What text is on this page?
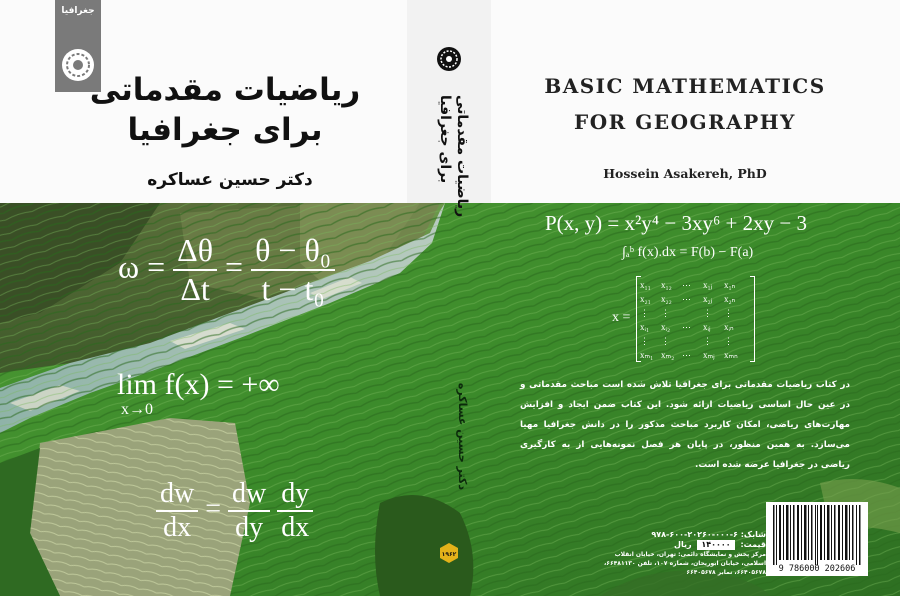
جغرافیا
ریاضیات مقدماتی
برای جغرافیا
دکتر حسین عساکره	ریاضیات مقدماتی
برای جغرافیا
دکتر حسین عساکره
۱۹۶۲
BASIC MATHEMATICS
FOR GEOGRAPHY
Hossein Asakereh, PhD
$\omega = \frac{\Delta\theta}{\Delta t} = \frac{\text{θ − θ₀}}{\text{t − t₀}}$
lim
x→0
f(x) = +∞
$\frac{dw}{dx} = \frac{dw}{dy}$
$\frac{dy}{dx}$
P(x, y) = x²y⁴ − 3xy⁶ + 2xy − 3
∫ₐᵇ f(x).dx = F(b) − F(a)
x =
x₁₁ x₁₂ ⋯ x₁ⱼ x₁ₙ
x₂₁ x₂₂ ⋯ x₂ⱼ x₂ₙ
⋮ ⋮	⋮ ⋮
xᵢ₁ xᵢ₂ ⋯ xᵢⱼ xᵢₙ
⋮ ⋮	⋮ ⋮
xₘ₁ xₘ₂ ⋯ xₘⱼ xₘₙ
در کتاب ریاضیات مقدماتی برای جغرافیا تلاش شده است مباحث مقدماتی و در عین حال اساسی ریاضیات ارائه شود. این کتاب ضمن ایجاد و افزایش مهارت‌های ریاضی، امکان کاربرد مباحث مذکور را در دانش جغرافیا مهیا می‌سازد. به همین منظور، در پایان هر فصل نمونه‌هایی از به کارگیری ریاضی در جغرافیا عرضه شده است.
شابک: ۶-۰۰۰-۲۰۲۶۰-۶۰۰-۹۷۸
قیمت: ۱۴۰۰۰۰ ریال
مرکز پخش و نمایشگاه دائمی: تهران، خیابان انقلاب اسلامی، خیابان ابوریحان، شماره ۱۰۷، تلفن ۶۶۴۸۱۱۳۰، ۶۶۴۰۵۶۷۸، نمابر ۶۶۴۰۵۶۷۸	9 786000 202606
